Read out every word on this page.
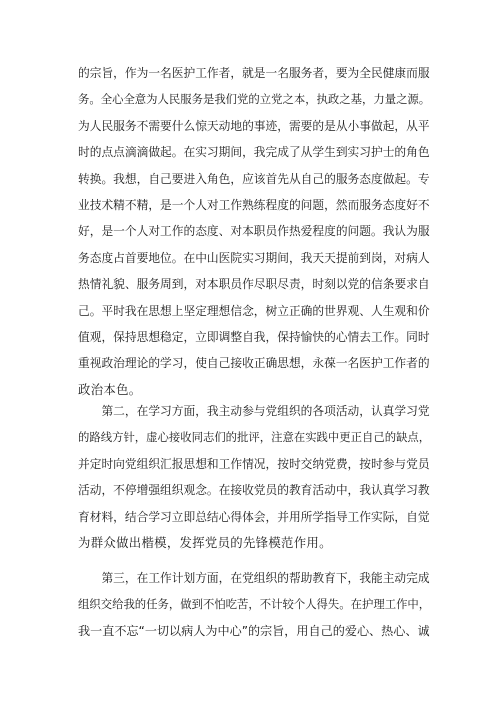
的宗旨，作为一名医护工作者，就是一名服务者，要为全民健康而服
务。全心全意为人民服务是我们党的立党之本，执政之基，力量之源。
为人民服务不需要什么惊天动地的事迹，需要的是从小事做起，从平
时的点点滴滴做起。在实习期间，我完成了从学生到实习护士的角色
转换。我想，自己要进入角色，应该首先从自己的服务态度做起。专
业技术精不精，是一个人对工作熟练程度的问题，然而服务态度好不
好，是一个人对工作的态度、对本职员作热爱程度的问题。我认为服
务态度占首要地位。在中山医院实习期间，我天天提前到岗，对病人
热情礼貌、服务周到，对本职员作尽职尽责，时刻以党的信条要求自
己。平时我在思想上坚定理想信念，树立正确的世界观、人生观和价
值观，保持思想稳定，立即调整自我，保持愉快的心情去工作。同时
重视政治理论的学习，使自己接收正确思想，永葆一名医护工作者的
政治本色。
　　第二，在学习方面，我主动参与党组织的各项活动，认真学习党
的路线方针，虚心接收同志们的批评，注意在实践中更正自己的缺点，
并定时向党组织汇报思想和工作情况，按时交纳党费，按时参与党员
活动，不停增强组织观念。在接收党员的教育活动中，我认真学习教
育材料，结合学习立即总结心得体会，并用所学指导工作实际，自觉
为群众做出楷模，发挥党员的先锋模范作用。
　　第三，在工作计划方面，在党组织的帮助教育下，我能主动完成
组织交给我的任务，做到不怕吃苦，不计较个人得失。在护理工作中，
我一直不忘“一切以病人为中心”的宗旨，用自己的爱心、热心、诚
